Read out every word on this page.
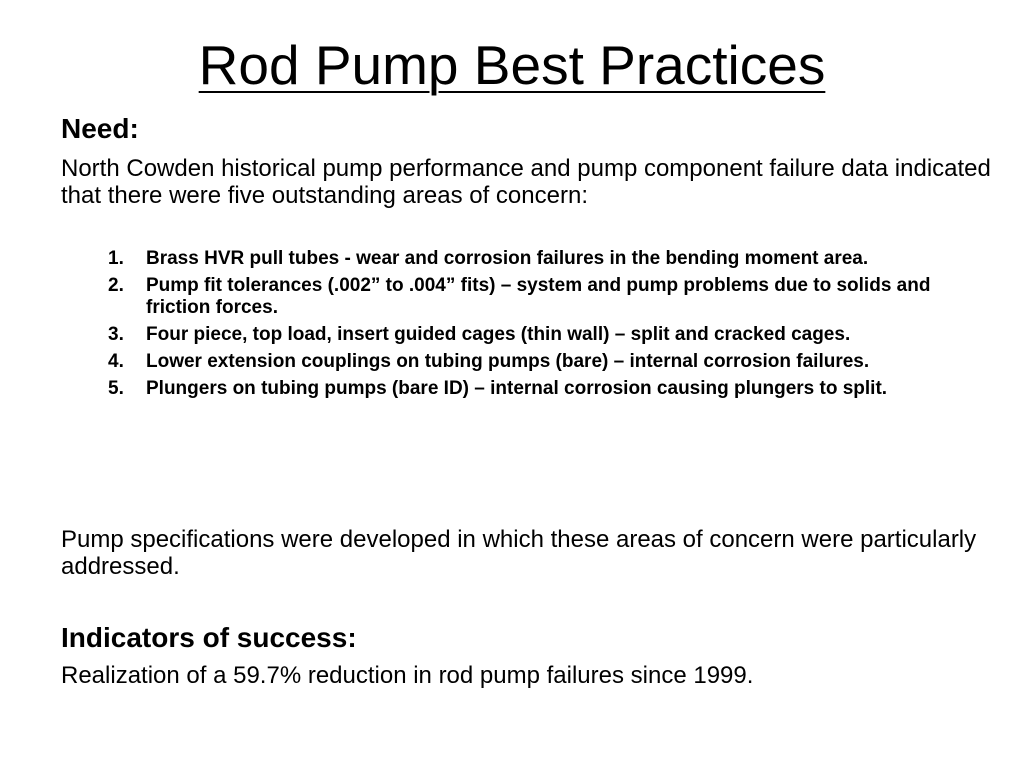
Rod Pump Best Practices
Need:

North Cowden historical pump performance and pump component failure data indicated that there were five outstanding areas of concern:

1. Brass HVR pull tubes - wear and corrosion failures in the bending moment area.
2. Pump fit tolerances (.002” to .004” fits) – system and pump problems due to solids and friction forces.
3. Four piece, top load, insert guided cages (thin wall) – split and cracked cages.
4. Lower extension couplings on tubing pumps (bare) – internal corrosion failures.
5. Plungers on tubing pumps (bare ID) – internal corrosion causing plungers to split.

Pump specifications were developed in which these areas of concern were particularly addressed.

Indicators of success:

Realization of a 59.7% reduction in rod pump failures since 1999.
